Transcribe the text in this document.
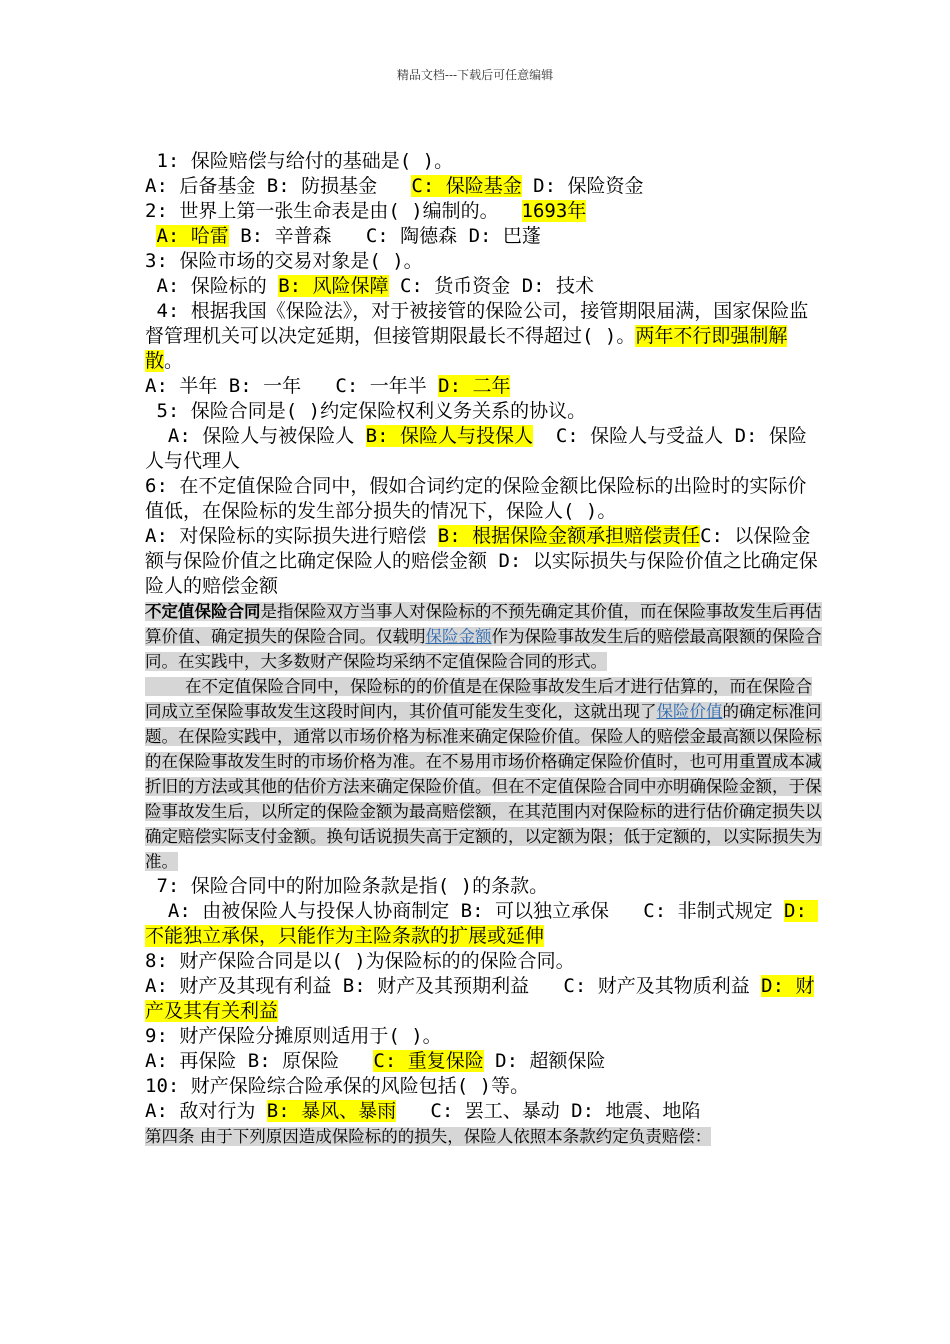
精品文档---下载后可任意编辑

1: 保险赔偿与给付的基础是( )。

A: 后备基金 B: 防损基金   C: 保险基金 D: 保险资金

2: 世界上第一张生命表是由( )编制的。  1693年

A: 哈雷 B: 辛普森   C: 陶德森 D: 巴蓬

3: 保险市场的交易对象是( )。

A: 保险标的 B: 风险保障 C: 货币资金 D: 技术

4: 根据我国《保险法》，对于被接管的保险公司，接管期限届满，国家保险监督管理机关可以决定延期，但接管期限最长不得超过( )。两年不行即强制解散。

A: 半年 B: 一年   C: 一年半 D: 二年

5: 保险合同是( )约定保险权利义务关系的协议。

A: 保险人与被保险人 B: 保险人与投保人  C: 保险人与受益人 D: 保险人与代理人

6: 在不定值保险合同中，假如合词约定的保险金额比保险标的出险时的实际价值低，在保险标的发生部分损失的情况下，保险人( )。

A: 对保险标的实际损失进行赔偿 B: 根据保险金额承担赔偿责任C: 以保险金额与保险价值之比确定保险人的赔偿金额 D: 以实际损失与保险价值之比确定保险人的赔偿金额

不定值保险合同是指保险双方当事人对保险标的不预先确定其价值，而在保险事故发生后再估算价值、确定损失的保险合同。仅载明保险金额作为保险事故发生后的赔偿最高限额的保险合同。在实践中，大多数财产保险均采纳不定值保险合同的形式。

在不定值保险合同中，保险标的的价值是在保险事故发生后才进行估算的，而在保险合同成立至保险事故发生这段时间内，其价值可能发生变化，这就出现了保险价值的确定标准问题。在保险实践中，通常以市场价格为标准来确定保险价值。保险人的赔偿金最高额以保险标的在保险事故发生时的市场价格为准。在不易用市场价格确定保险价值时，也可用重置成本减折旧的方法或其他的估价方法来确定保险价值。但在不定值保险合同中亦明确保险金额，于保险事故发生后，以所定的保险金额为最高赔偿额，在其范围内对保险标的进行估价确定损失以确定赔偿实际支付金额。换句话说损失高于定额的，以定额为限；低于定额的，以实际损失为准。

7: 保险合同中的附加险条款是指( )的条款。

A: 由被保险人与投保人协商制定 B: 可以独立承保   C: 非制式规定 D: 不能独立承保，只能作为主险条款的扩展或延伸

8: 财产保险合同是以( )为保险标的的保险合同。

A: 财产及其现有利益 B: 财产及其预期利益   C: 财产及其物质利益 D: 财产及其有关利益

9: 财产保险分摊原则适用于( )。

A: 再保险 B: 原保险   C: 重复保险 D: 超额保险

10: 财产保险综合险承保的风险包括( )等。

A: 敌对行为 B: 暴风、暴雨   C: 罢工、暴动 D: 地震、地陷

第四条 由于下列原因造成保险标的的损失，保险人依照本条款约定负责赔偿：
